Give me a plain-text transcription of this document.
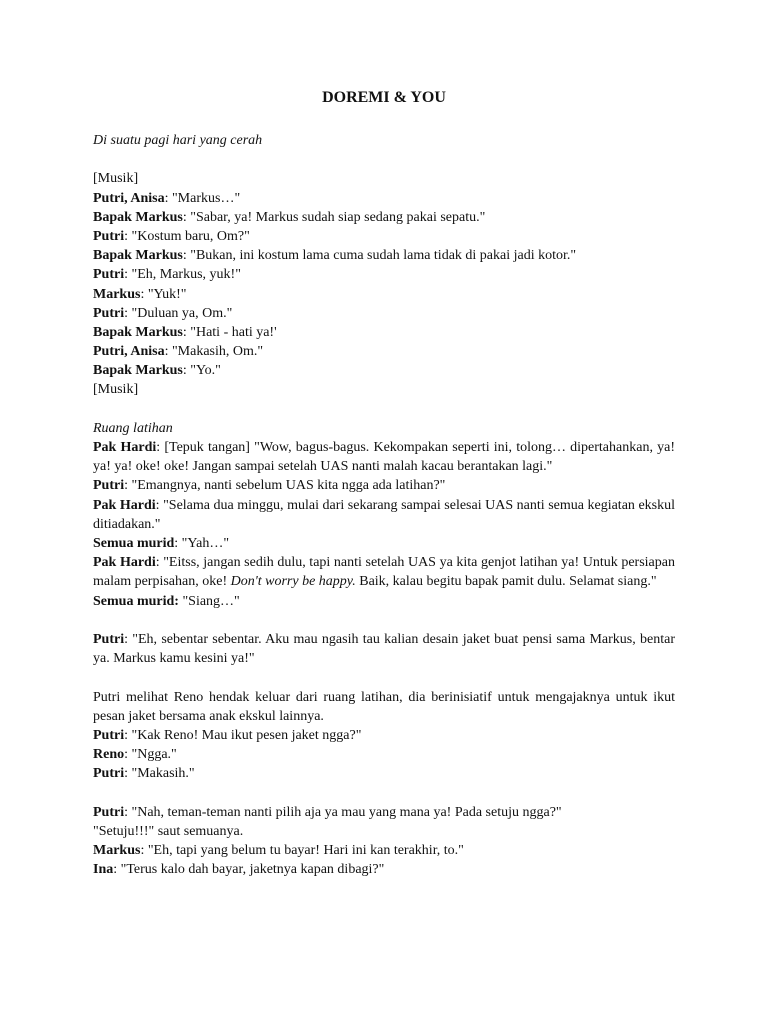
DOREMI & YOU
Di suatu pagi hari yang cerah
[Musik]
Putri, Anisa: "Markus…"
Bapak Markus: "Sabar, ya! Markus sudah siap sedang pakai sepatu."
Putri: "Kostum baru, Om?"
Bapak Markus: "Bukan, ini kostum lama cuma sudah lama tidak di pakai jadi kotor."
Putri: "Eh, Markus, yuk!"
Markus: "Yuk!"
Putri: "Duluan ya, Om."
Bapak Markus: "Hati - hati ya!'
Putri, Anisa: "Makasih, Om."
Bapak Markus: "Yo."
[Musik]
Ruang latihan
Pak Hardi: [Tepuk tangan] "Wow, bagus-bagus. Kekompakan seperti ini, tolong… dipertahankan, ya! ya! ya! oke! oke! Jangan sampai setelah UAS nanti malah kacau berantakan lagi."
Putri: "Emangnya, nanti sebelum UAS kita ngga ada latihan?"
Pak Hardi: "Selama dua minggu, mulai dari sekarang sampai selesai UAS nanti semua kegiatan ekskul ditiadakan."
Semua murid: "Yah…"
Pak Hardi: "Eitss, jangan sedih dulu, tapi nanti setelah UAS ya kita genjot latihan ya! Untuk persiapan malam perpisahan, oke! Don't worry be happy. Baik, kalau begitu bapak pamit dulu. Selamat siang."
Semua murid: "Siang…"
Putri: "Eh, sebentar sebentar. Aku mau ngasih tau kalian desain jaket buat pensi sama Markus, bentar ya. Markus kamu kesini ya!"
Putri melihat Reno hendak keluar dari ruang latihan, dia berinisiatif untuk mengajaknya untuk ikut pesan jaket bersama anak ekskul lainnya.
Putri: "Kak Reno! Mau ikut pesen jaket ngga?"
Reno: "Ngga."
Putri: "Makasih."
Putri: "Nah, teman-teman nanti pilih aja ya mau yang mana ya! Pada setuju ngga?"
"Setuju!!!" saut semuanya.
Markus: "Eh, tapi yang belum tu bayar! Hari ini kan terakhir, to."
Ina: "Terus kalo dah bayar, jaketnya kapan dibagi?"
